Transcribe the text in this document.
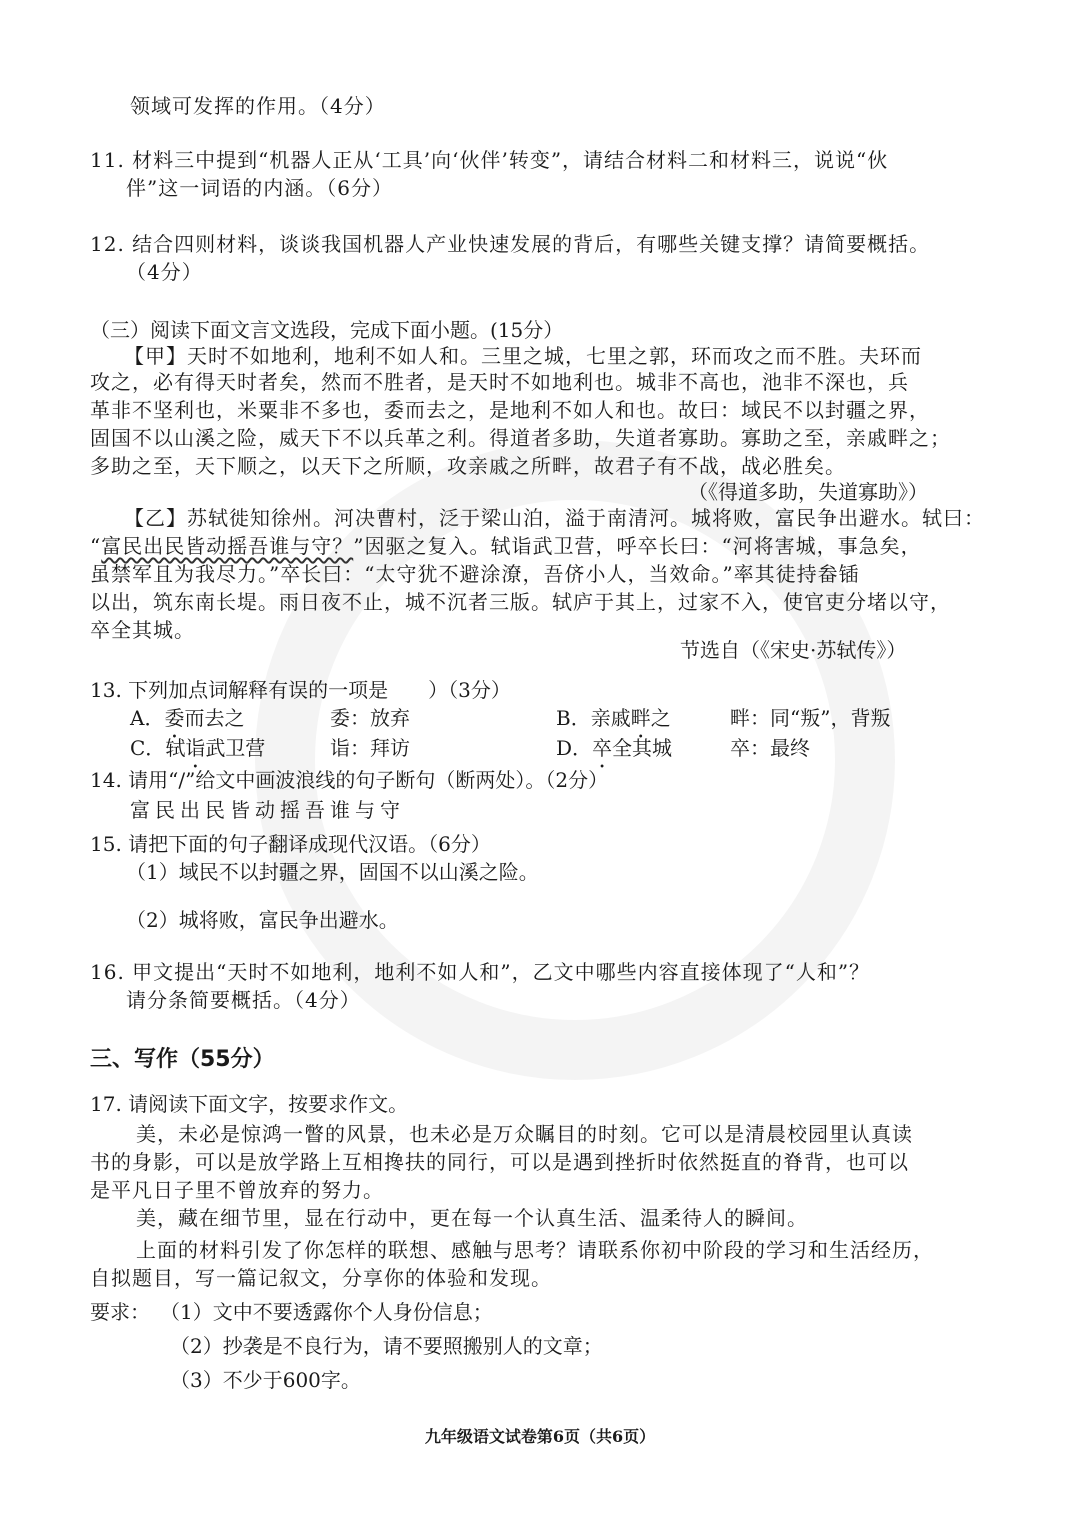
领域可发挥的作用。（4分）
11. 材料三中提到“机器人正从‘工具’向‘伙伴’转变”，请结合材料二和材料三，说说“伙
伴”这一词语的内涵。（6分）
12. 结合四则材料，谈谈我国机器人产业快速发展的背后，有哪些关键支撑？请简要概括。
（4分）
（三）阅读下面文言文选段，完成下面小题。(15分）
【甲】天时不如地利，地利不如人和。三里之城，七里之郭，环而攻之而不胜。夫环而
攻之，必有得天时者矣，然而不胜者，是天时不如地利也。城非不高也，池非不深也，兵
革非不坚利也，米粟非不多也，委而去之，是地利不如人和也。故曰：域民不以封疆之界，
固国不以山溪之险，威天下不以兵革之利。得道者多助，失道者寡助。寡助之至，亲戚畔之；
多助之至，天下顺之，以天下之所顺，攻亲戚之所畔，故君子有不战，战必胜矣。
（《得道多助，失道寡助》）
【乙】苏轼徙知徐州。河决曹村，泛于梁山泊，溢于南清河。城将败，富民争出避水。轼曰：
“富民出民皆动摇吾谁与守？”因驱之复入。轼诣武卫营，呼卒长曰：“河将害城，事急矣，
虽禁军且为我尽力。”卒长曰：“太守犹不避涂潦，吾侪小人，当效命。”率其徒持畚锸
以出，筑东南长堤。雨日夜不止，城不沉者三版。轼庐于其上，过家不入，使官吏分堵以守，
卒全其城。
节选自（《宋史·苏轼传》）
13. 下列加点词解释有误的一项是　　）（3分）
A．委而去之	委：放弃	B．亲戚畔之	畔：同“叛”，背叛
C．轼诣武卫营	诣：拜访	D．卒全其城	卒：最终
14. 请用“/”给文中画波浪线的句子断句（断两处）。（2分）
富民出民皆动摇吾谁与守
15. 请把下面的句子翻译成现代汉语。（6分）
（1）域民不以封疆之界，固国不以山溪之险。
（2）城将败，富民争出避水。
16. 甲文提出“天时不如地利，地利不如人和”，乙文中哪些内容直接体现了“人和”？
请分条简要概括。（4分）
三、写作（55分）
17. 请阅读下面文字，按要求作文。
美，未必是惊鸿一瞥的风景，也未必是万众瞩目的时刻。它可以是清晨校园里认真读
书的身影，可以是放学路上互相搀扶的同行，可以是遇到挫折时依然挺直的脊背，也可以
是平凡日子里不曾放弃的努力。
美，藏在细节里，显在行动中，更在每一个认真生活、温柔待人的瞬间。
上面的材料引发了你怎样的联想、感触与思考？请联系你初中阶段的学习和生活经历，
自拟题目，写一篇记叙文，分享你的体验和发现。
要求： （1）文中不要透露你个人身份信息；
（2）抄袭是不良行为，请不要照搬别人的文章；
（3）不少于600字。
九年级语文试卷第6页（共6页）
